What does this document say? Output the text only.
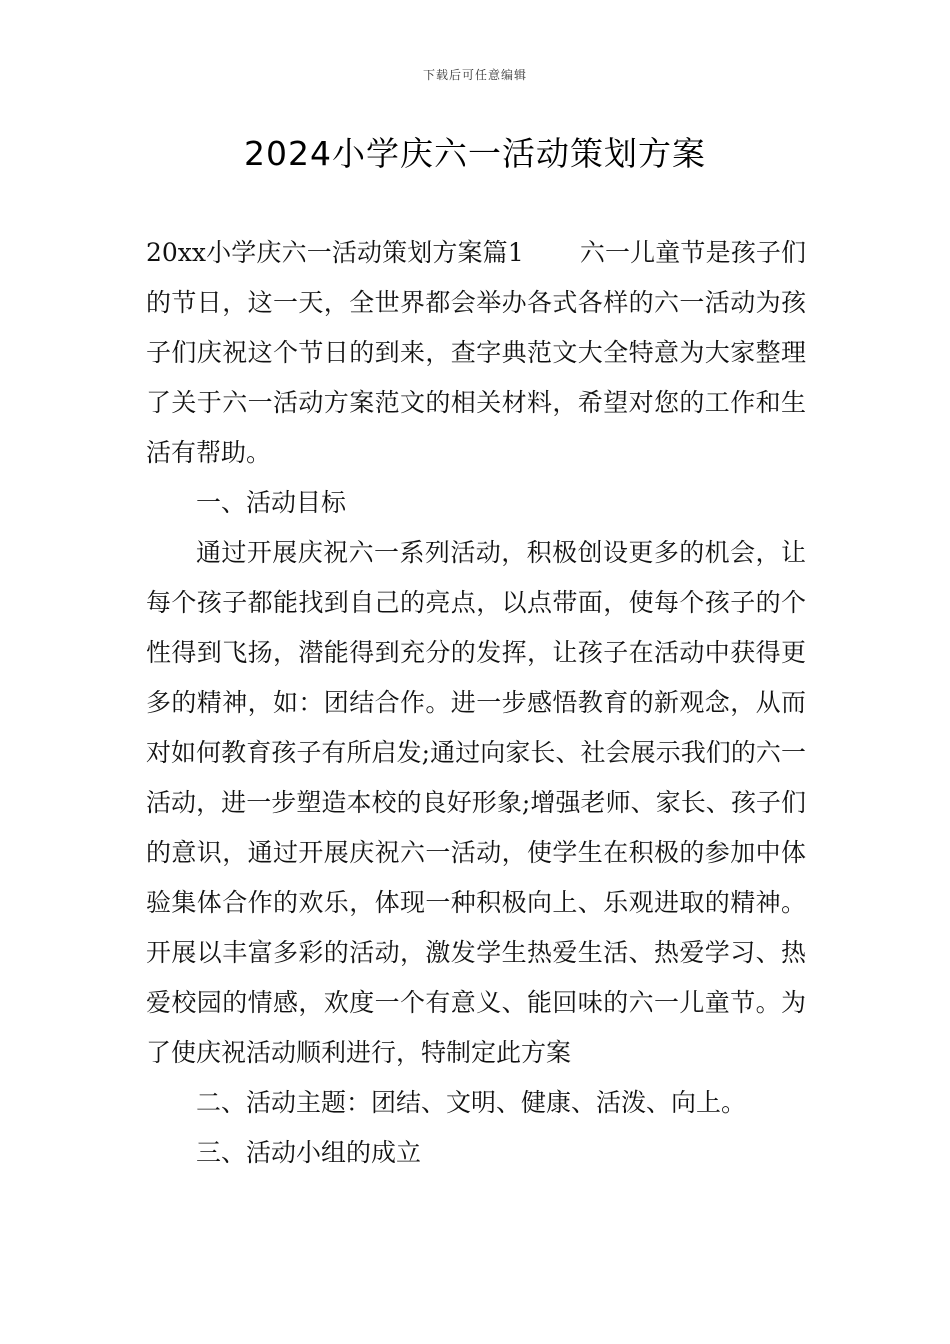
下载后可任意编辑
2024小学庆六一活动策划方案

20xx小学庆六一活动策划方案篇1 六一儿童节是孩子们的节日，这一天，全世界都会举办各式各样的六一活动为孩子们庆祝这个节日的到来，查字典范文大全特意为大家整理了关于六一活动方案范文的相关材料，希望对您的工作和生活有帮助。

一、活动目标

通过开展庆祝六一系列活动，积极创设更多的机会，让每个孩子都能找到自己的亮点，以点带面，使每个孩子的个性得到飞扬，潜能得到充分的发挥，让孩子在活动中获得更多的精神，如：团结合作。进一步感悟教育的新观念，从而对如何教育孩子有所启发;通过向家长、社会展示我们的六一活动，进一步塑造本校的良好形象;增强老师、家长、孩子们的意识，通过开展庆祝六一活动，使学生在积极的参加中体验集体合作的欢乐，体现一种积极向上、乐观进取的精神。开展以丰富多彩的活动，激发学生热爱生活、热爱学习、热爱校园的情感，欢度一个有意义、能回味的六一儿童节。为了使庆祝活动顺利进行，特制定此方案

二、活动主题：团结、文明、健康、活泼、向上。

三、活动小组的成立
